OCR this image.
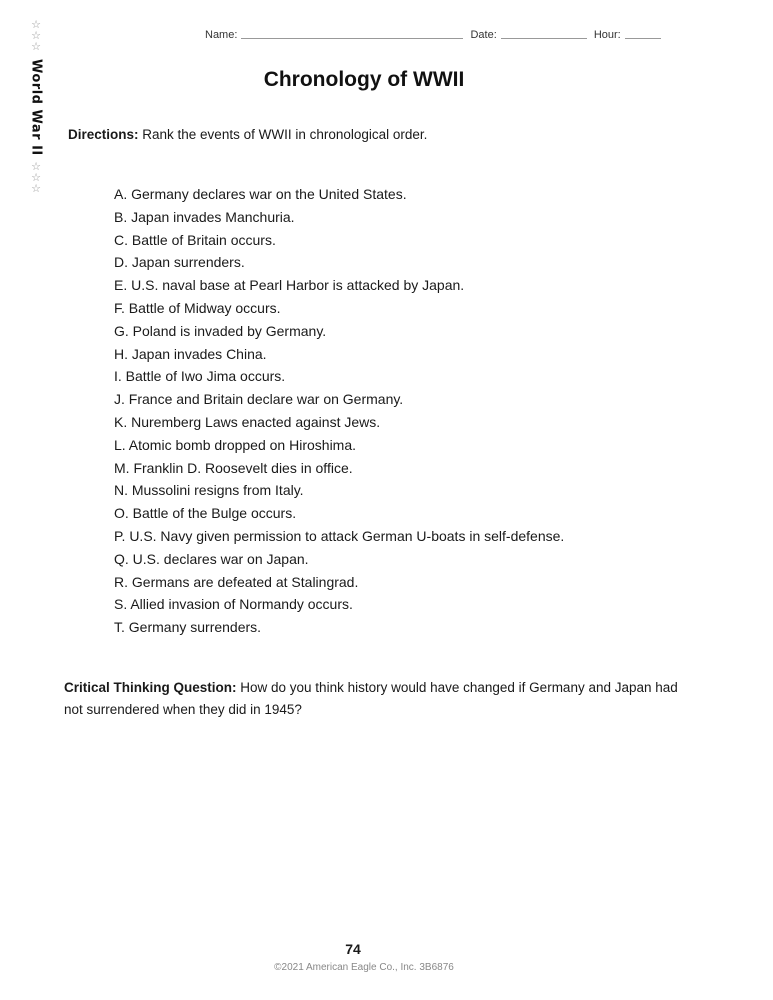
☆
☆
☆
World War II
☆
☆
☆
Name:	Date:	Hour:
Chronology of WWII
Directions: Rank the events of WWII in chronological order.
A. Germany declares war on the United States.
B. Japan invades Manchuria.
C. Battle of Britain occurs.
D. Japan surrenders.
E. U.S. naval base at Pearl Harbor is attacked by Japan.
F. Battle of Midway occurs.
G. Poland is invaded by Germany.
H. Japan invades China.
I. Battle of Iwo Jima occurs.
J. France and Britain declare war on Germany.
K. Nuremberg Laws enacted against Jews.
L. Atomic bomb dropped on Hiroshima.
M. Franklin D. Roosevelt dies in office.
N. Mussolini resigns from Italy.
O. Battle of the Bulge occurs.
P. U.S. Navy given permission to attack German U-boats in self-defense.
Q. U.S. declares war on Japan.
R. Germans are defeated at Stalingrad.
S. Allied invasion of Normandy occurs.
T. Germany surrenders.
Critical Thinking Question: How do you think history would have changed if Germany and Japan had not surrendered when they did in 1945?
74
©2021 American Eagle Co., Inc. 3B6876
